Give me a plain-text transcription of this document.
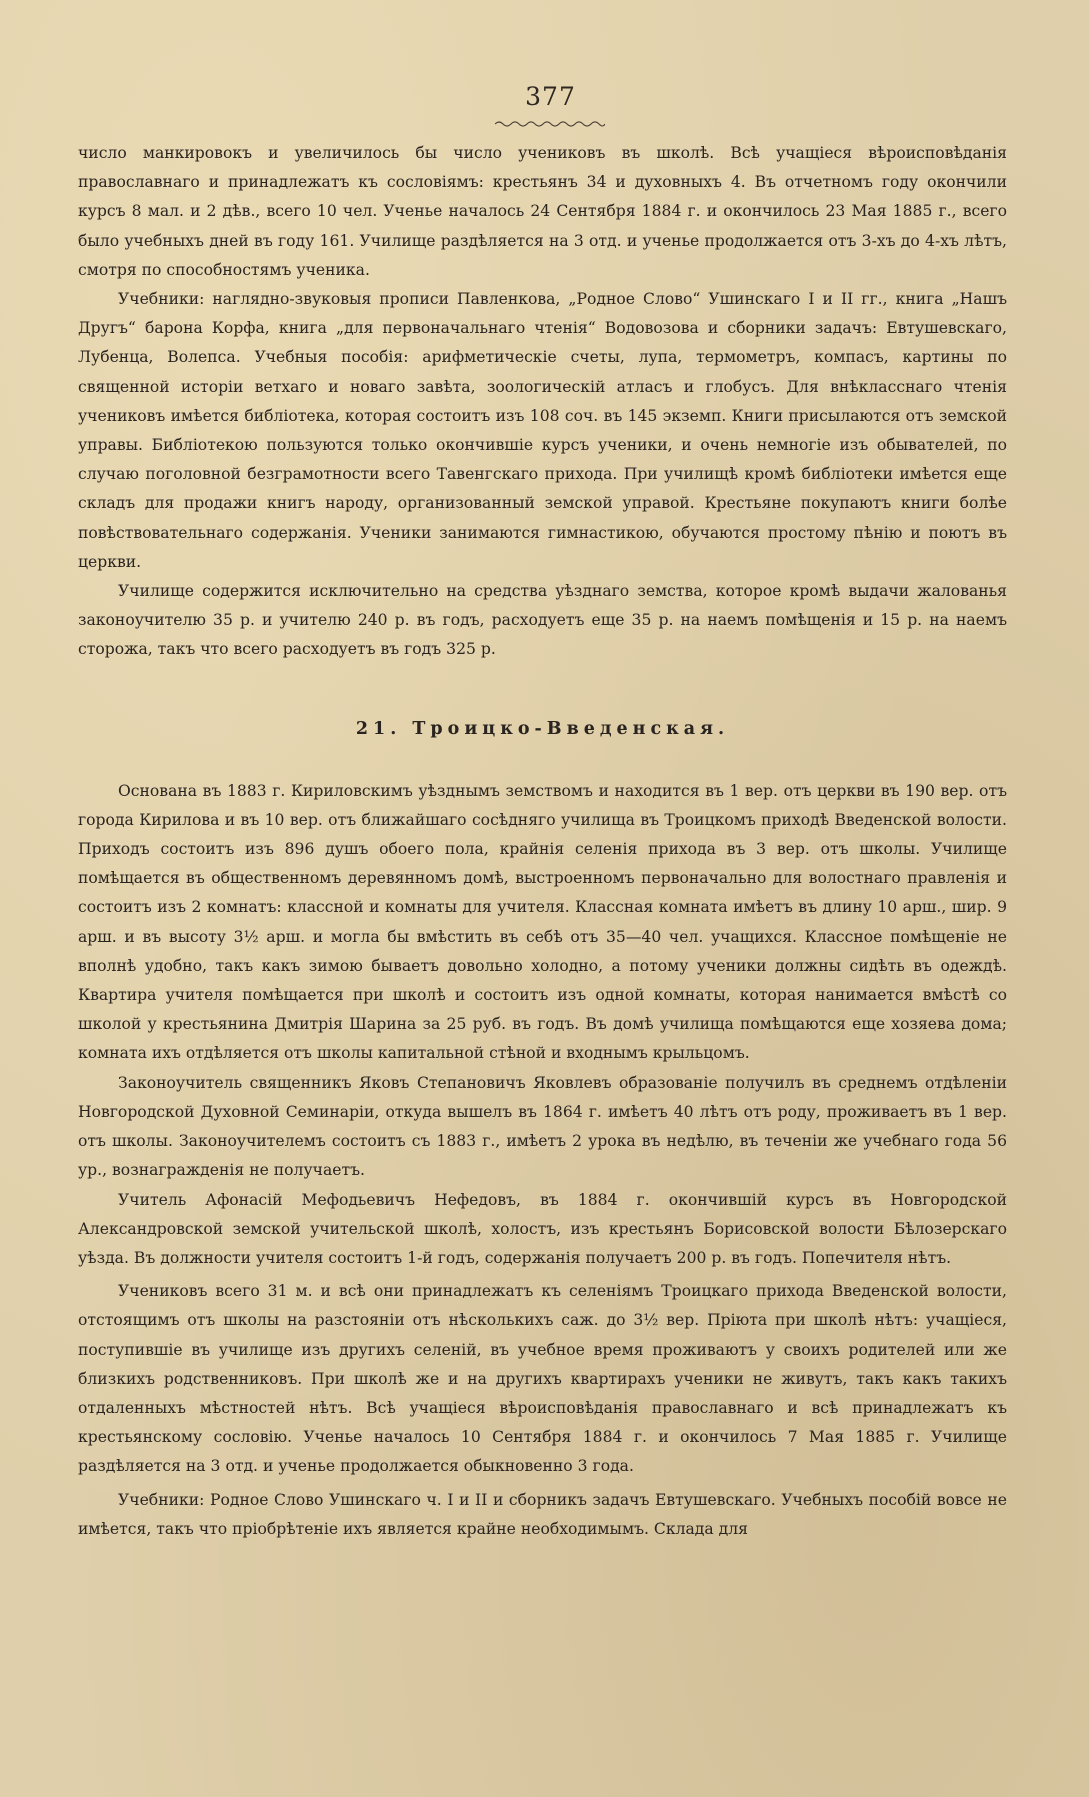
377

число манкировокъ и увеличилось бы число учениковъ въ школѣ. Всѣ учащіеся вѣроисповѣданія православнаго и принадлежатъ къ сословіямъ: крестьянъ 34 и духовныхъ 4. Въ отчетномъ году окончили курсъ 8 мал. и 2 дѣв., всего 10 чел. Ученье началось 24 Сентября 1884 г. и окончилось 23 Мая 1885 г., всего было учебныхъ дней въ году 161. Училище раздѣляется на 3 отд. и ученье продолжается отъ 3-хъ до 4-хъ лѣтъ, смотря по способностямъ ученика.

Учебники: наглядно-звуковыя прописи Павленкова, „Родное Слово“ Ушинскаго I и II гг., книга „Нашъ Другъ“ барона Корфа, книга „для первоначальнаго чтенія“ Водовозова и сборники задачъ: Евтушевскаго, Лубенца, Волепса. Учебныя пособія: арифметическіе счеты, лупа, термометръ, компасъ, картины по священной исторіи ветхаго и новаго завѣта, зоологическій атласъ и глобусъ. Для внѣкласснаго чтенія учениковъ имѣется библіотека, которая состоитъ изъ 108 соч. въ 145 экземп. Книги присылаются отъ земской управы. Библіотекою пользуются только окончившіе курсъ ученики, и очень немногіе изъ обывателей, по случаю поголовной безграмотности всего Тавенгскаго прихода. При училищѣ кромѣ библіотеки имѣется еще складъ для продажи книгъ народу, организованный земской управой. Крестьяне покупаютъ книги болѣе повѣствовательнаго содержанія. Ученики занимаются гимнастикою, обучаются простому пѣнію и поютъ въ церкви.

Училище содержится исключительно на средства уѣзднаго земства, которое кромѣ выдачи жалованья законоучителю 35 р. и учителю 240 р. въ годъ, расходуетъ еще 35 р. на наемъ помѣщенія и 15 р. на наемъ сторожа, такъ что всего расходуетъ въ годъ 325 р.

21. Троицко-Введенская.

Основана въ 1883 г. Кириловскимъ уѣзднымъ земствомъ и находится въ 1 вер. отъ церкви въ 190 вер. отъ города Кирилова и въ 10 вер. отъ ближайшаго сосѣдняго училища въ Троицкомъ приходѣ Введенской волости. Приходъ состоитъ изъ 896 душъ обоего пола, крайнія селенія прихода въ 3 вер. отъ школы. Училище помѣщается въ общественномъ деревянномъ домѣ, выстроенномъ первоначально для волостнаго правленія и состоитъ изъ 2 комнатъ: классной и комнаты для учителя. Классная комната имѣетъ въ длину 10 арш., шир. 9 арш. и въ высоту 3½ арш. и могла бы вмѣстить въ себѣ отъ 35—40 чел. учащихся. Классное помѣщеніе не вполнѣ удобно, такъ какъ зимою бываетъ довольно холодно, а потому ученики должны сидѣть въ одеждѣ. Квартира учителя помѣщается при школѣ и состоитъ изъ одной комнаты, которая нанимается вмѣстѣ со школой у крестьянина Дмитрія Шарина за 25 руб. въ годъ. Въ домѣ училища помѣщаются еще хозяева дома; комната ихъ отдѣляется отъ школы капитальной стѣной и входнымъ крыльцомъ.

Законоучитель священникъ Яковъ Степановичъ Яковлевъ образованіе получилъ въ среднемъ отдѣленіи Новгородской Духовной Семинаріи, откуда вышелъ въ 1864 г. имѣетъ 40 лѣтъ отъ роду, проживаетъ въ 1 вер. отъ школы. Законоучителемъ состоитъ съ 1883 г., имѣетъ 2 урока въ недѣлю, въ теченіи же учебнаго года 56 ур., вознагражденія не получаетъ.

Учитель Афонасій Мефодьевичъ Нефедовъ, въ 1884 г. окончившій курсъ въ Новгородской Александровской земской учительской школѣ, холостъ, изъ крестьянъ Борисовской волости Бѣлозерскаго уѣзда. Въ должности учителя состоитъ 1-й годъ, содержанія получаетъ 200 р. въ годъ. Попечителя нѣтъ.

Учениковъ всего 31 м. и всѣ они принадлежатъ къ селеніямъ Троицкаго прихода Введенской волости, отстоящимъ отъ школы на разстояніи отъ нѣсколькихъ саж. до 3½ вер. Пріюта при школѣ нѣтъ: учащіеся, поступившіе въ училище изъ другихъ селеній, въ учебное время проживаютъ у своихъ родителей или же близкихъ родственниковъ. При школѣ же и на другихъ квартирахъ ученики не живутъ, такъ какъ такихъ отдаленныхъ мѣстностей нѣтъ. Всѣ учащіеся вѣроисповѣданія православнаго и всѣ принадлежатъ къ крестьянскому сословію. Ученье началось 10 Сентября 1884 г. и окончилось 7 Мая 1885 г. Училище раздѣляется на 3 отд. и ученье продолжается обыкновенно 3 года.

Учебники: Родное Слово Ушинскаго ч. I и II и сборникъ задачъ Евтушевскаго. Учебныхъ пособій вовсе не имѣется, такъ что пріобрѣтеніе ихъ является крайне необходимымъ. Склада для
